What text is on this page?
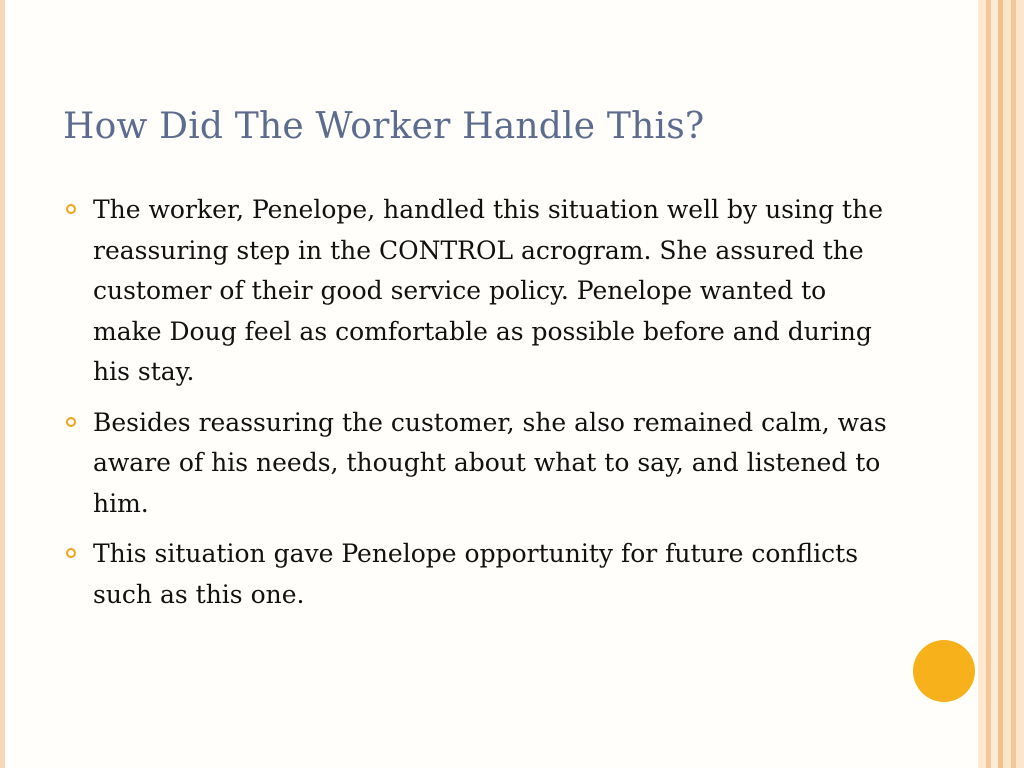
How Did The Worker Handle This?
The worker, Penelope, handled this situation well by using the reassuring step in the CONTROL acrogram. She assured the customer of their good service policy. Penelope wanted to make Doug feel as comfortable as possible before and during his stay.
Besides reassuring the customer, she also remained calm, was aware of his needs, thought about what to say, and listened to him.
This situation gave Penelope opportunity for future conflicts such as this one.
